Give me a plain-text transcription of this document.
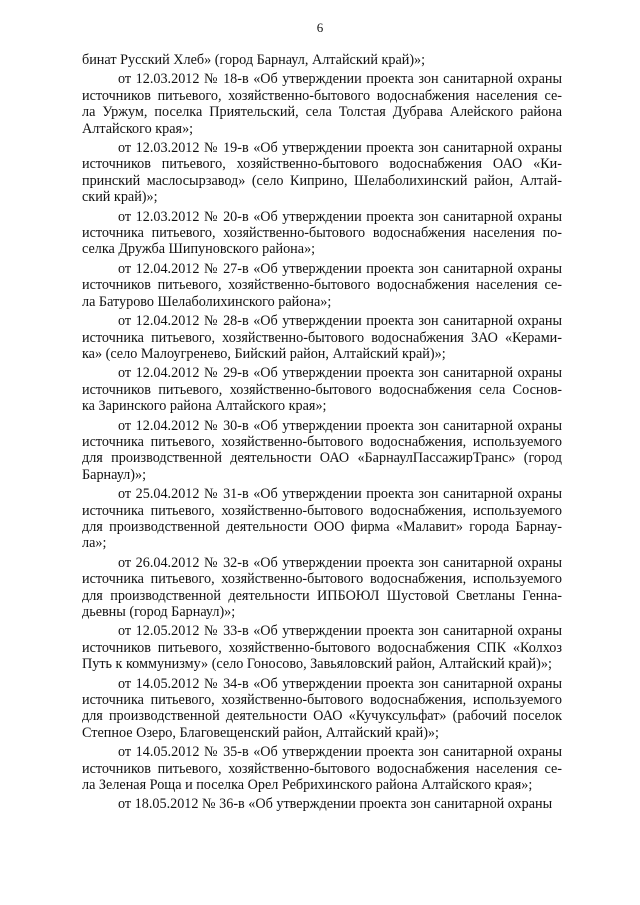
6
бинат Русский Хлеб» (город Барнаул, Алтайский край)»;
от 12.03.2012 № 18-в «Об утверждении проекта зон санитарной охраны
источников питьевого, хозяйственно-бытового водоснабжения населения се-
ла Уржум, поселка Приятельский, села Толстая Дубрава Алейского района
Алтайского края»;
от 12.03.2012 № 19-в «Об утверждении проекта зон санитарной охраны
источников питьевого, хозяйственно-бытового водоснабжения ОАО «Ки-
принский маслосырзавод» (село Киприно, Шелаболихинский район, Алтай-
ский край)»;
от 12.03.2012 № 20-в «Об утверждении проекта зон санитарной охраны
источника питьевого, хозяйственно-бытового водоснабжения населения по-
селка Дружба Шипуновского района»;
от 12.04.2012 № 27-в «Об утверждении проекта зон санитарной охраны
источников питьевого, хозяйственно-бытового водоснабжения населения се-
ла Батурово Шелаболихинского района»;
от 12.04.2012 № 28-в «Об утверждении проекта зон санитарной охраны
источника питьевого, хозяйственно-бытового водоснабжения ЗАО «Керами-
ка» (село Малоугренево, Бийский район, Алтайский край)»;
от 12.04.2012 № 29-в «Об утверждении проекта зон санитарной охраны
источников питьевого, хозяйственно-бытового водоснабжения села Соснов-
ка Заринского района Алтайского края»;
от 12.04.2012 № 30-в «Об утверждении проекта зон санитарной охраны
источника питьевого, хозяйственно-бытового водоснабжения, используемого
для производственной деятельности ОАО «БарнаулПассажирТранс» (город
Барнаул)»;
от 25.04.2012 № 31-в «Об утверждении проекта зон санитарной охраны
источника питьевого, хозяйственно-бытового водоснабжения, используемого
для производственной деятельности ООО фирма «Малавит» города Барнау-
ла»;
от 26.04.2012 № 32-в «Об утверждении проекта зон санитарной охраны
источника питьевого, хозяйственно-бытового водоснабжения, используемого
для производственной деятельности ИПБОЮЛ Шустовой Светланы Генна-
дьевны (город Барнаул)»;
от 12.05.2012 № 33-в «Об утверждении проекта зон санитарной охраны
источников питьевого, хозяйственно-бытового водоснабжения СПК «Колхоз
Путь к коммунизму» (село Гоносово, Завьяловский район, Алтайский край)»;
от 14.05.2012 № 34-в «Об утверждении проекта зон санитарной охраны
источника питьевого, хозяйственно-бытового водоснабжения, используемого
для производственной деятельности ОАО «Кучуксульфат» (рабочий поселок
Степное Озеро, Благовещенский район, Алтайский край)»;
от 14.05.2012 № 35-в «Об утверждении проекта зон санитарной охраны
источников питьевого, хозяйственно-бытового водоснабжения населения се-
ла Зеленая Роща и поселка Орел Ребрихинского района Алтайского края»;
от 18.05.2012 № 36-в «Об утверждении проекта зон санитарной охраны
